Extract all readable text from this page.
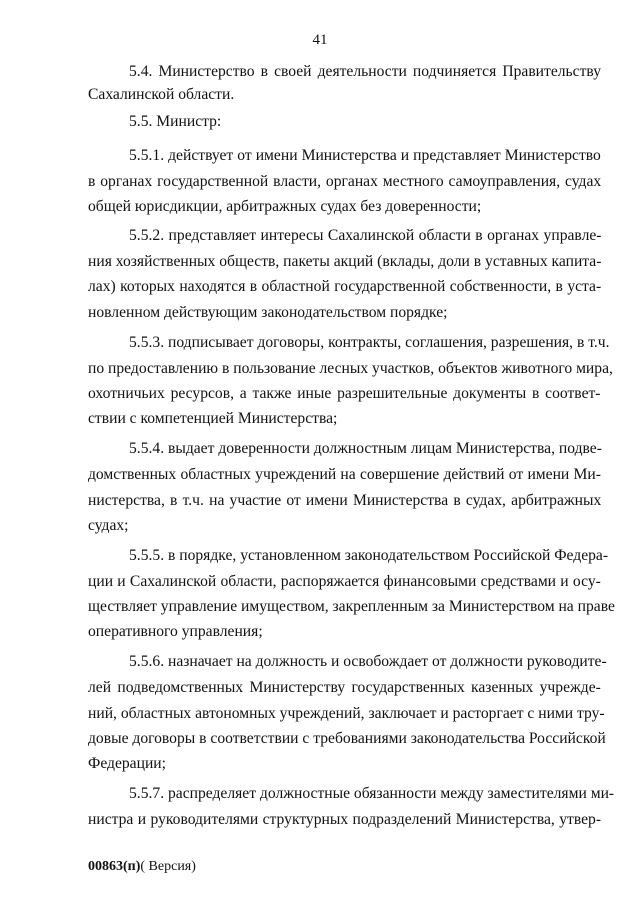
41
5.4. Министерство в своей деятельности подчиняется Правительству
Сахалинской области.
5.5. Министр:
5.5.1. действует от имени Министерства и представляет Министерство
в органах государственной власти, органах местного самоуправления, судах
общей юрисдикции, арбитражных судах без доверенности;
5.5.2. представляет интересы Сахалинской области в органах управле-
ния хозяйственных обществ, пакеты акций (вклады, доли в уставных капита-
лах) которых находятся в областной государственной собственности, в уста-
новленном действующим законодательством порядке;
5.5.3. подписывает договоры, контракты, соглашения, разрешения, в т.ч.
по предоставлению в пользование лесных участков, объектов животного мира,
охотничьих ресурсов, а также иные разрешительные документы в соответ-
ствии с компетенцией Министерства;
5.5.4. выдает доверенности должностным лицам Министерства, подве-
домственных областных учреждений на совершение действий от имени Ми-
нистерства, в т.ч. на участие от имени Министерства в судах, арбитражных
судах;
5.5.5. в порядке, установленном законодательством Российской Федера-
ции и Сахалинской области, распоряжается финансовыми средствами и осу-
ществляет управление имуществом, закрепленным за Министерством на праве
оперативного управления;
5.5.6. назначает на должность и освобождает от должности руководите-
лей подведомственных Министерству государственных казенных учрежде-
ний, областных автономных учреждений, заключает и расторгает с ними тру-
довые договоры в соответствии с требованиями законодательства Российской
Федерации;
5.5.7. распределяет должностные обязанности между заместителями ми-
нистра и руководителями структурных подразделений Министерства, утвер-
00863(п)( Версия)
